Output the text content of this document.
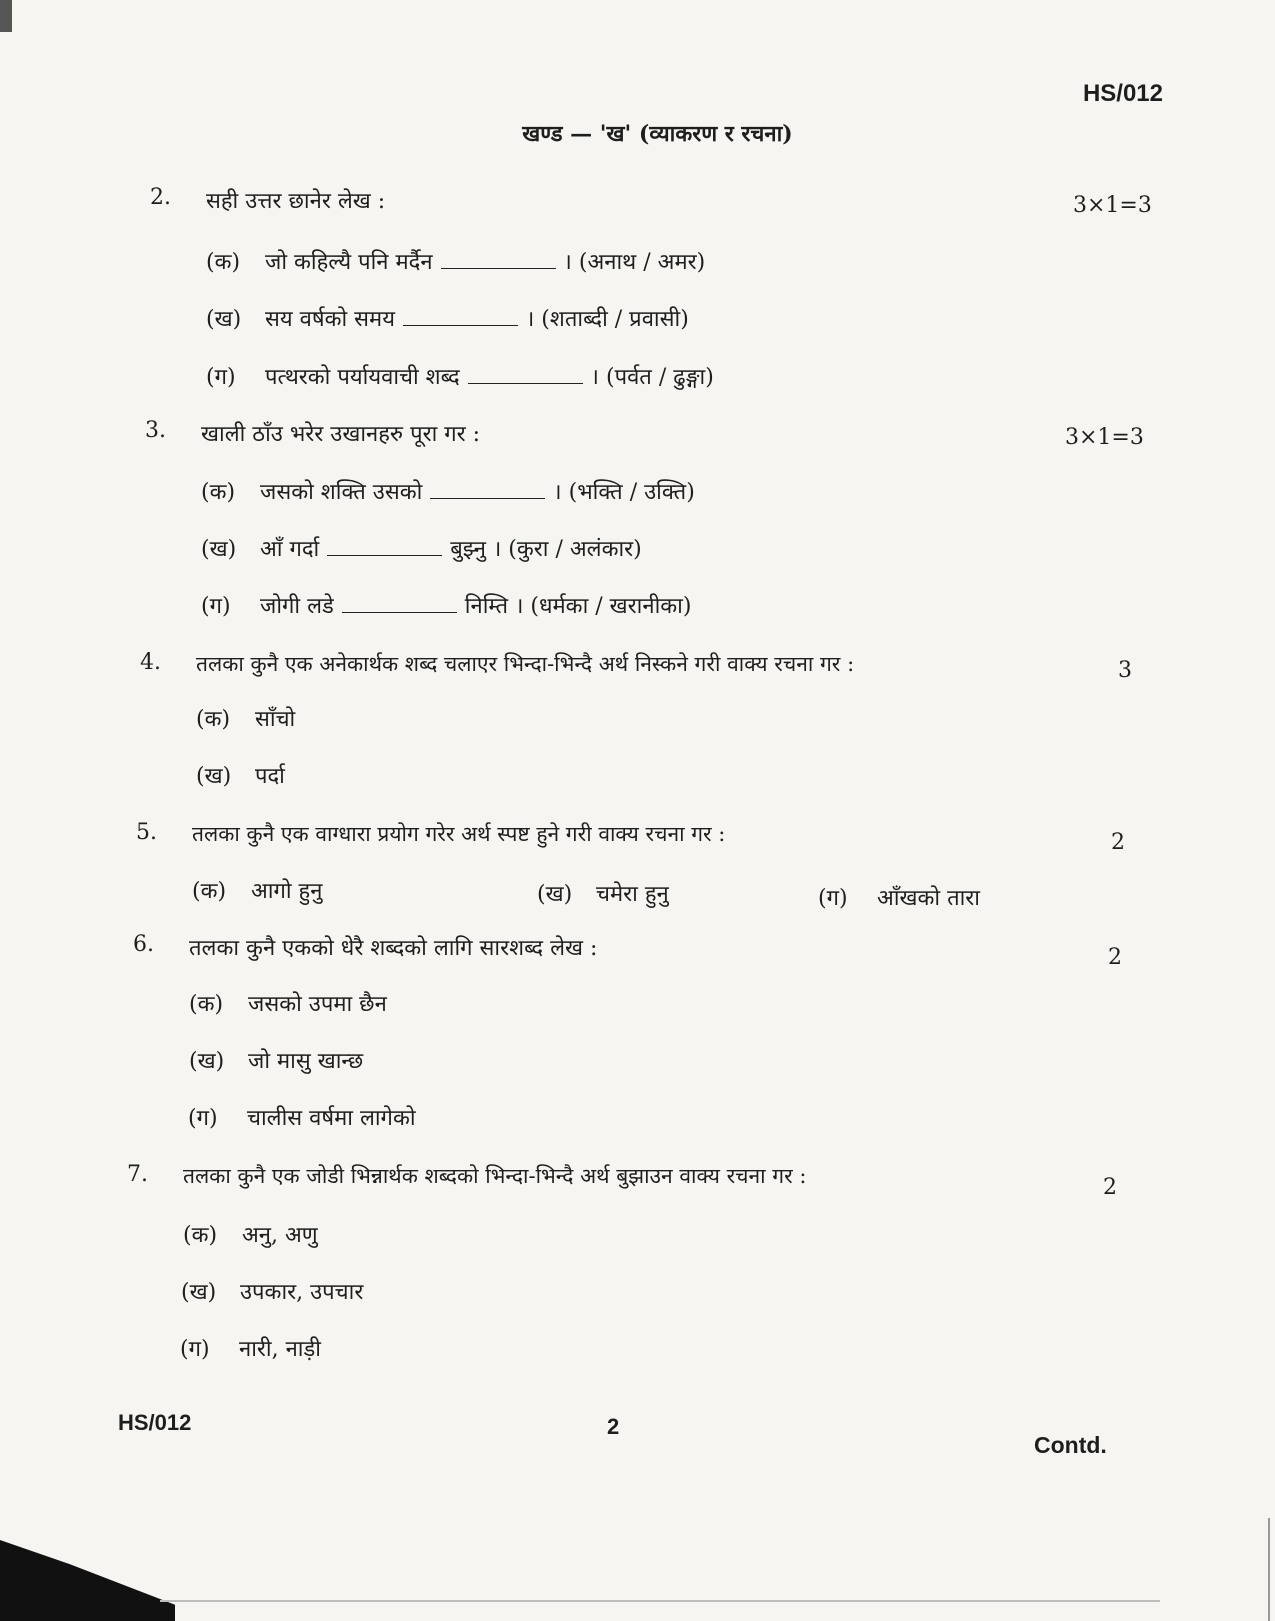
HS/012
खण्ड — 'ख' (व्याकरण र रचना)
2. सही उत्तर छानेर लेख :	3×1=3
(क) जो कहिल्यै पनि मर्दैन	। (अनाथ / अमर)
(ख) सय वर्षको समय	। (शताब्दी / प्रवासी)
(ग) पत्थरको पर्यायवाची शब्द	। (पर्वत / ढुङ्गा)
3. खाली ठाँउ भरेर उखानहरु पूरा गर :	3×1=3
(क) जसको शक्ति उसको	। (भक्ति / उक्ति)
(ख) आँ गर्दा	बुझ्नु । (कुरा / अलंकार)
(ग) जोगी लडे	निम्ति । (धर्मका / खरानीका)
4. तलका कुनै एक अनेकार्थक शब्द चलाएर भिन्दा-भिन्दै अर्थ निस्कने गरी वाक्य रचना गर :	3
(क) साँचो
(ख) पर्दा
5. तलका कुनै एक वाग्धारा प्रयोग गरेर अर्थ स्पष्ट हुने गरी वाक्य रचना गर :	2
(क) आगो हुनु	(ख) चमेरा हुनु	(ग) आँखको तारा
6. तलका कुनै एकको धेरै शब्दको लागि सारशब्द लेख :	2
(क) जसको उपमा छैन
(ख) जो मासु खान्छ
(ग) चालीस वर्षमा लागेको
7. तलका कुनै एक जोडी भिन्नार्थक शब्दको भिन्दा-भिन्दै अर्थ बुझाउन वाक्य रचना गर :	2
(क) अनु, अणु
(ख) उपकार, उपचार
(ग) नारी, नाड़ी
HS/012	2
Contd.
